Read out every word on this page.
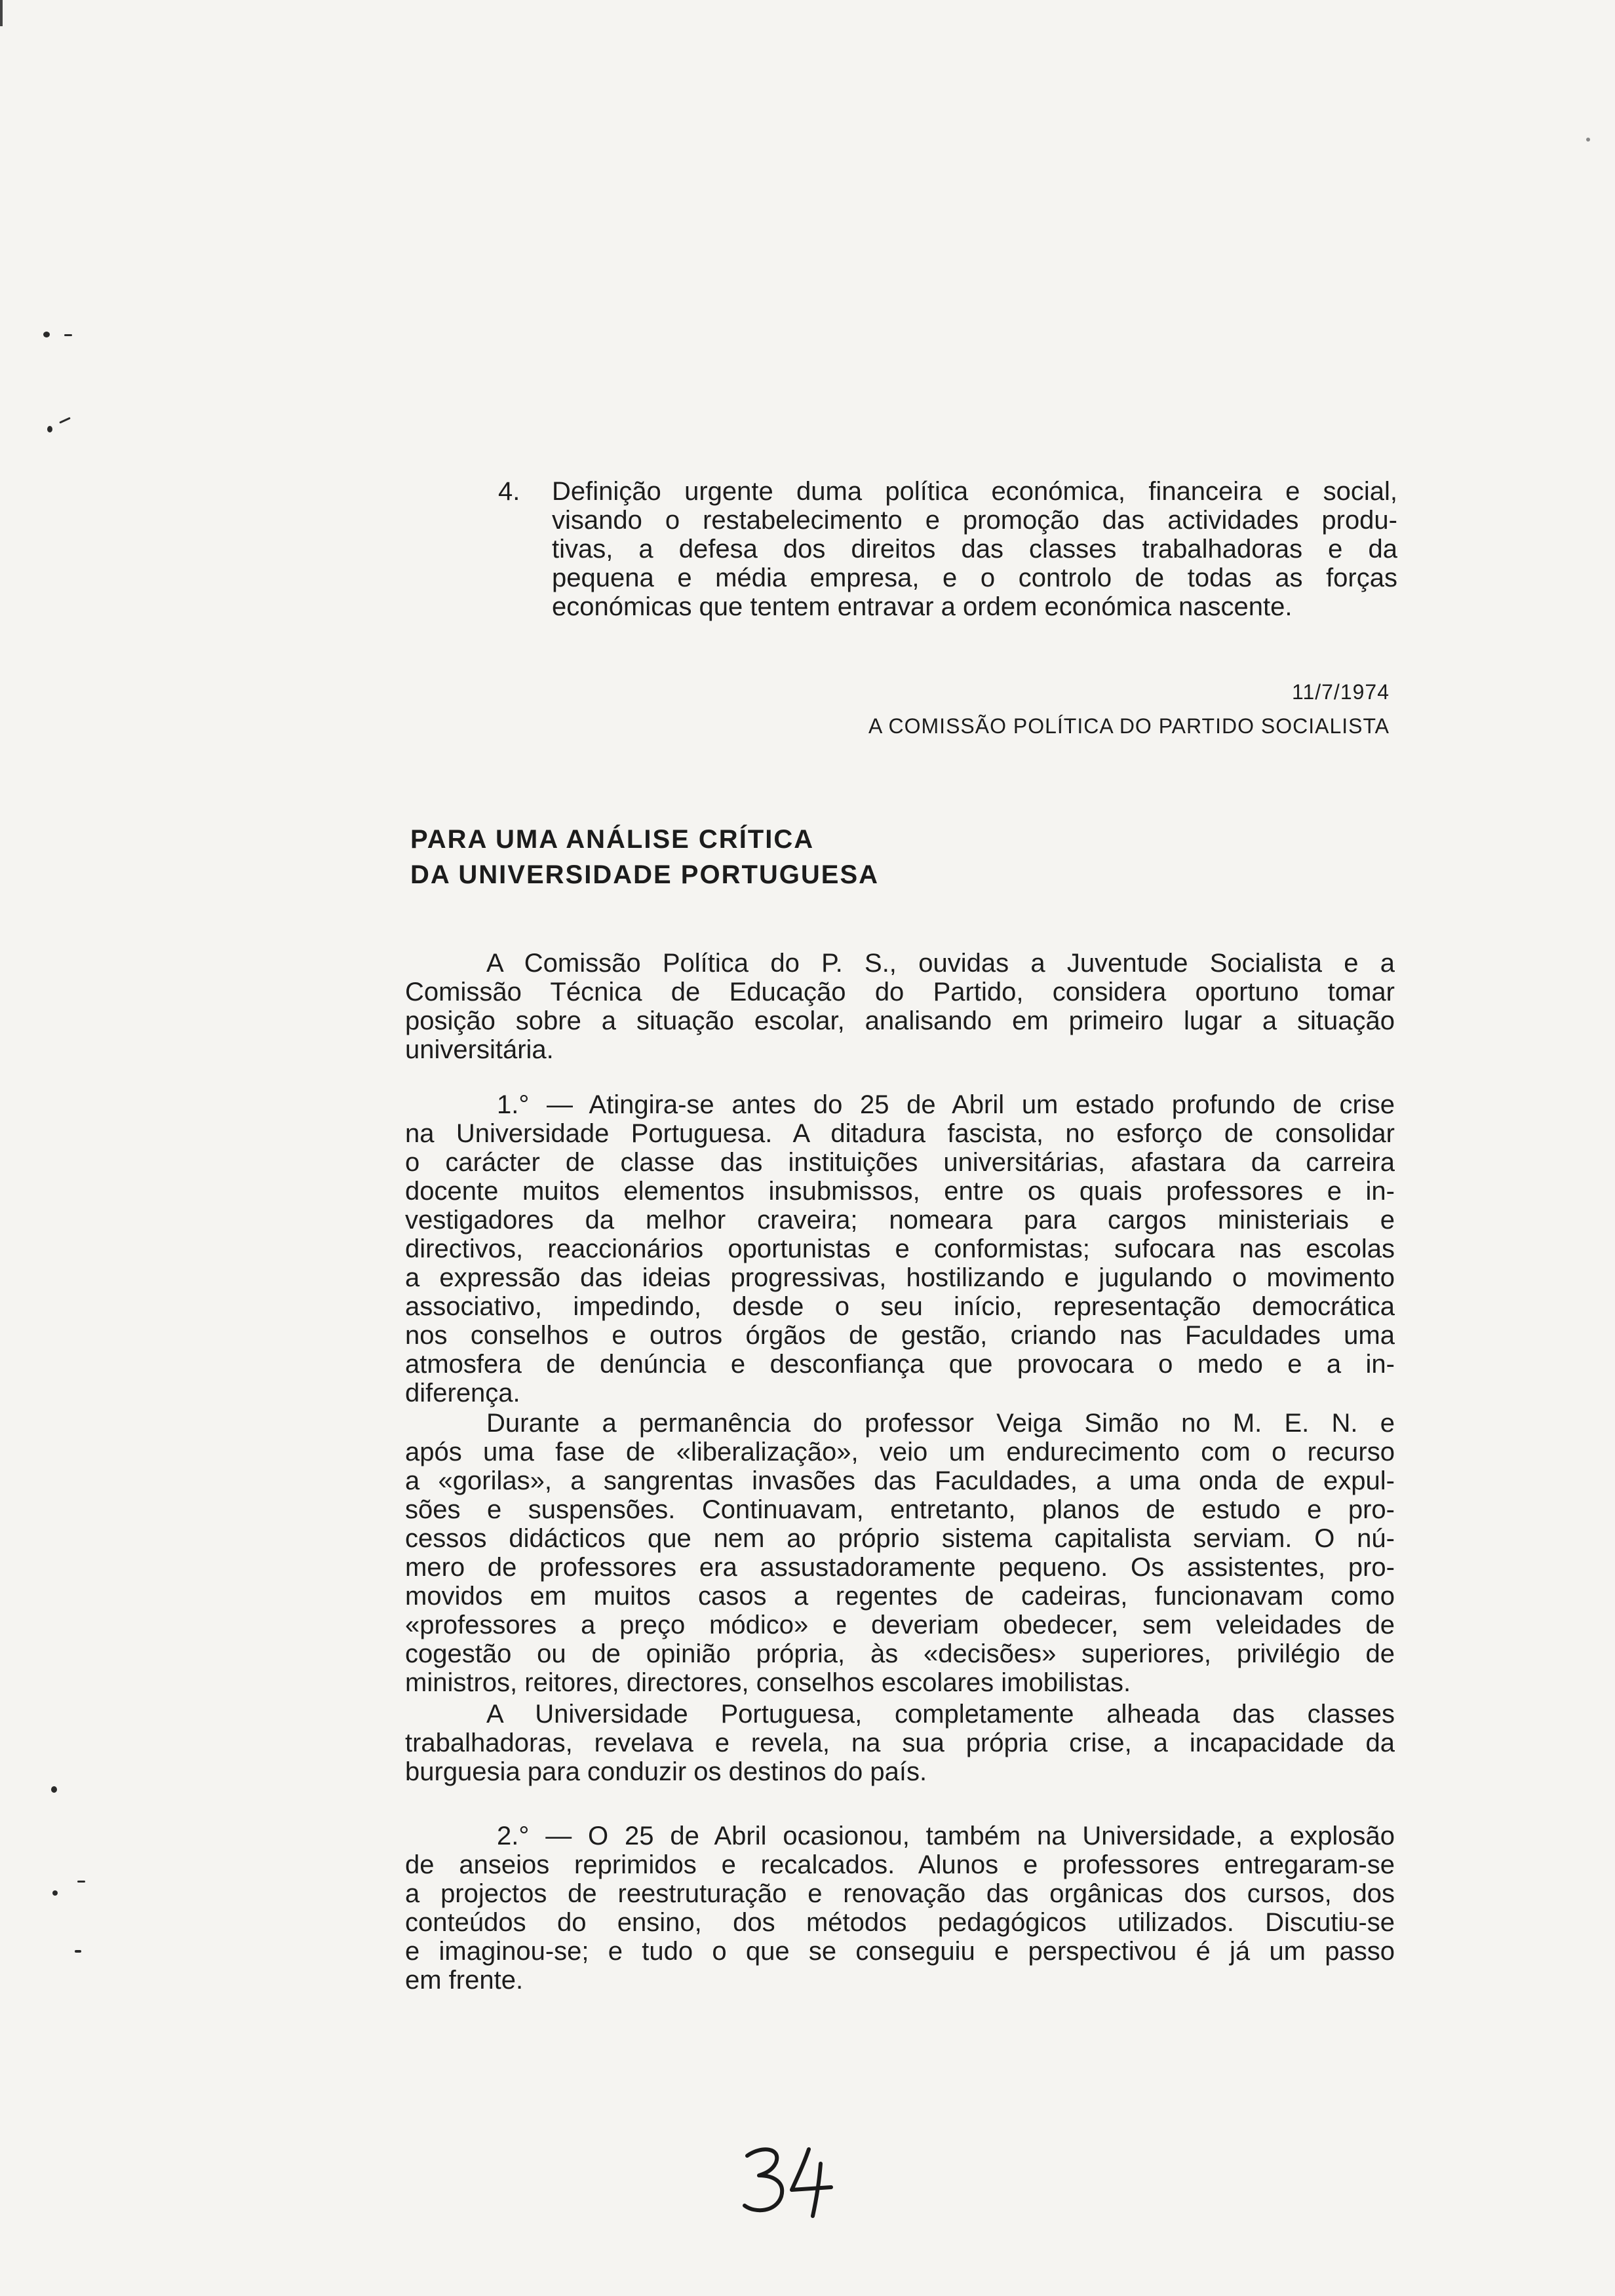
4. Definição urgente duma política económica, financeira e social,
visando o restabelecimento e promoção das actividades produ-
tivas, a defesa dos direitos das classes trabalhadoras e da
pequena e média empresa, e o controlo de todas as forças
económicas que tentem entravar a ordem económica nascente.
11/7/1974
A COMISSÃO POLÍTICA DO PARTIDO SOCIALISTA
PARA UMA ANÁLISE CRÍTICA
DA UNIVERSIDADE PORTUGUESA
A Comissão Política do P. S., ouvidas a Juventude Socialista e a
Comissão Técnica de Educação do Partido, considera oportuno tomar
posição sobre a situação escolar, analisando em primeiro lugar a situação
universitária.
1.° — Atingira-se antes do 25 de Abril um estado profundo de crise
na Universidade Portuguesa. A ditadura fascista, no esforço de consolidar
o carácter de classe das instituições universitárias, afastara da carreira
docente muitos elementos insubmissos, entre os quais professores e in-
vestigadores da melhor craveira; nomeara para cargos ministeriais e
directivos, reaccionários oportunistas e conformistas; sufocara nas escolas
a expressão das ideias progressivas, hostilizando e jugulando o movimento
associativo, impedindo, desde o seu início, representação democrática
nos conselhos e outros órgãos de gestão, criando nas Faculdades uma
atmosfera de denúncia e desconfiança que provocara o medo e a in-
diferença.
Durante a permanência do professor Veiga Simão no M. E. N. e
após uma fase de «liberalização», veio um endurecimento com o recurso
a «gorilas», a sangrentas invasões das Faculdades, a uma onda de expul-
sões e suspensões. Continuavam, entretanto, planos de estudo e pro-
cessos didácticos que nem ao próprio sistema capitalista serviam. O nú-
mero de professores era assustadoramente pequeno. Os assistentes, pro-
movidos em muitos casos a regentes de cadeiras, funcionavam como
«professores a preço módico» e deveriam obedecer, sem veleidades de
cogestão ou de opinião própria, às «decisões» superiores, privilégio de
ministros, reitores, directores, conselhos escolares imobilistas.
A Universidade Portuguesa, completamente alheada das classes
trabalhadoras, revelava e revela, na sua própria crise, a incapacidade da
burguesia para conduzir os destinos do país.
2.° — O 25 de Abril ocasionou, também na Universidade, a explosão
de anseios reprimidos e recalcados. Alunos e professores entregaram-se
a projectos de reestruturação e renovação das orgânicas dos cursos, dos
conteúdos do ensino, dos métodos pedagógicos utilizados. Discutiu-se
e imaginou-se; e tudo o que se conseguiu e perspectivou é já um passo
em frente.
